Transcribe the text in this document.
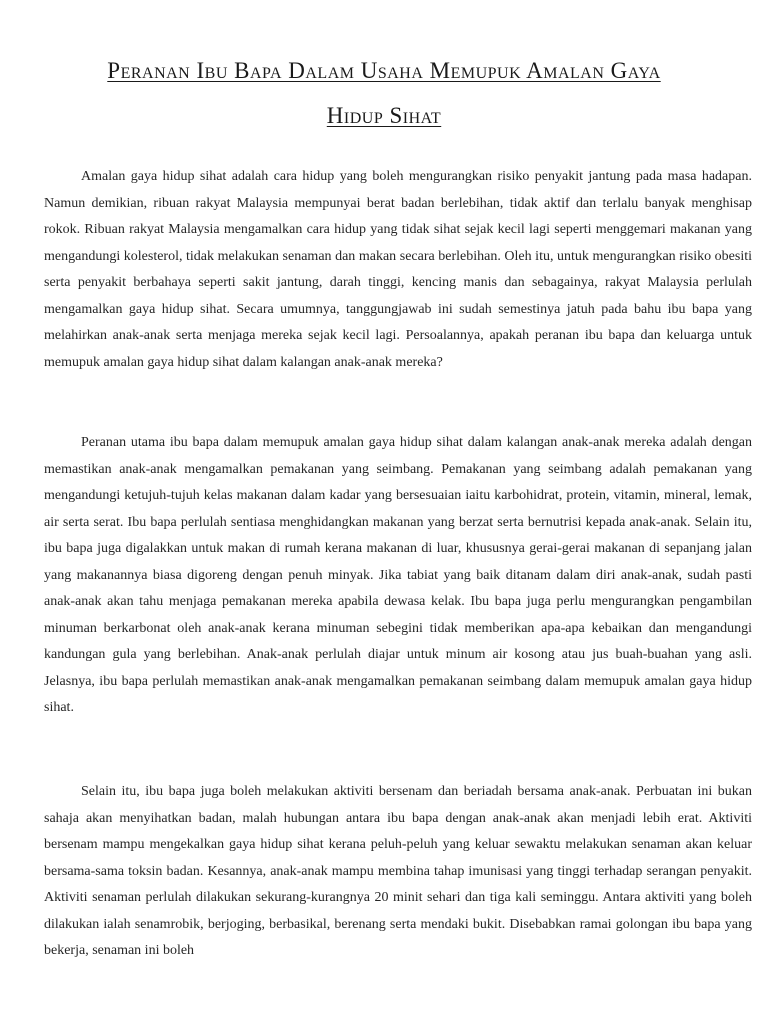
Peranan Ibu Bapa Dalam Usaha Memupuk Amalan Gaya
Hidup Sihat

Amalan gaya hidup sihat adalah cara hidup yang boleh mengurangkan risiko penyakit jantung pada masa hadapan. Namun demikian, ribuan rakyat Malaysia mempunyai berat badan berlebihan, tidak aktif dan terlalu banyak menghisap rokok. Ribuan rakyat Malaysia mengamalkan cara hidup yang tidak sihat sejak kecil lagi seperti menggemari makanan yang mengandungi kolesterol, tidak melakukan senaman dan makan secara berlebihan. Oleh itu, untuk mengurangkan risiko obesiti serta penyakit berbahaya seperti sakit jantung, darah tinggi, kencing manis dan sebagainya, rakyat Malaysia perlulah mengamalkan gaya hidup sihat. Secara umumnya, tanggungjawab ini sudah semestinya jatuh pada bahu ibu bapa yang melahirkan anak-anak serta menjaga mereka sejak kecil lagi. Persoalannya, apakah peranan ibu bapa dan keluarga untuk memupuk amalan gaya hidup sihat dalam kalangan anak-anak mereka?

Peranan utama ibu bapa dalam memupuk amalan gaya hidup sihat dalam kalangan anak-anak mereka adalah dengan memastikan anak-anak mengamalkan pemakanan yang seimbang. Pemakanan yang seimbang adalah pemakanan yang mengandungi ketujuh-tujuh kelas makanan dalam kadar yang bersesuaian iaitu karbohidrat, protein, vitamin, mineral, lemak, air serta serat. Ibu bapa perlulah sentiasa menghidangkan makanan yang berzat serta bernutrisi kepada anak-anak. Selain itu, ibu bapa juga digalakkan untuk makan di rumah kerana makanan di luar, khususnya gerai-gerai makanan di sepanjang jalan yang makanannya biasa digoreng dengan penuh minyak. Jika tabiat yang baik ditanam dalam diri anak-anak, sudah pasti anak-anak akan tahu menjaga pemakanan mereka apabila dewasa kelak. Ibu bapa juga perlu mengurangkan pengambilan minuman berkarbonat oleh anak-anak kerana minuman sebegini tidak memberikan apa-apa kebaikan dan mengandungi kandungan gula yang berlebihan. Anak-anak perlulah diajar untuk minum air kosong atau jus buah-buahan yang asli. Jelasnya, ibu bapa perlulah memastikan anak-anak mengamalkan pemakanan seimbang dalam memupuk amalan gaya hidup sihat.

Selain itu, ibu bapa juga boleh melakukan aktiviti bersenam dan beriadah bersama anak-anak. Perbuatan ini bukan sahaja akan menyihatkan badan, malah hubungan antara ibu bapa dengan anak-anak akan menjadi lebih erat. Aktiviti bersenam mampu mengekalkan gaya hidup sihat kerana peluh-peluh yang keluar sewaktu melakukan senaman akan keluar bersama-sama toksin badan. Kesannya, anak-anak mampu membina tahap imunisasi yang tinggi terhadap serangan penyakit. Aktiviti senaman perlulah dilakukan sekurang-kurangnya 20 minit sehari dan tiga kali seminggu. Antara aktiviti yang boleh dilakukan ialah senamrobik, berjoging, berbasikal, berenang serta mendaki bukit. Disebabkan ramai golongan ibu bapa yang bekerja, senaman ini boleh
